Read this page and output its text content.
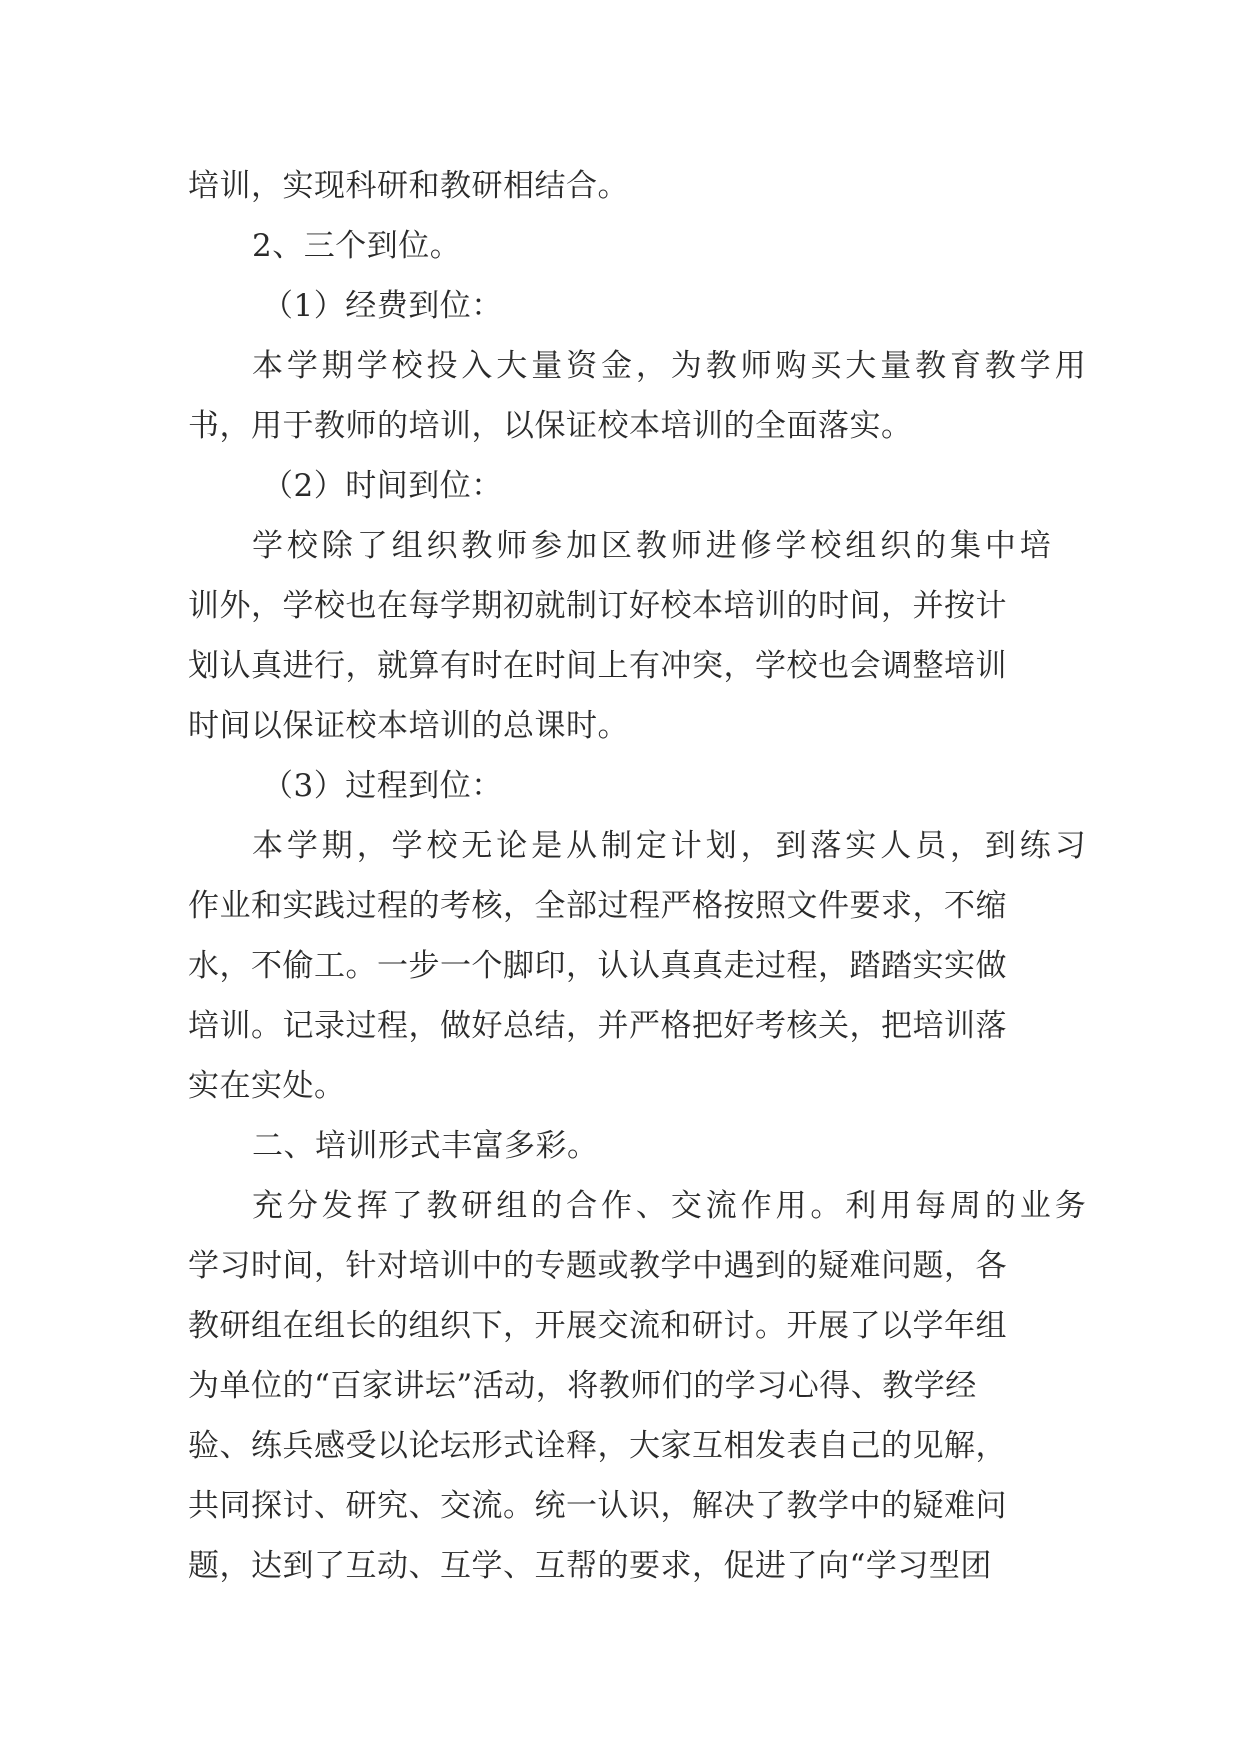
培训，实现科研和教研相结合。
2、三个到位。
（1）经费到位：
本学期学校投入大量资金，为教师购买大量教育教学用
书，用于教师的培训，以保证校本培训的全面落实。
（2）时间到位：
学校除了组织教师参加区教师进修学校组织的集中培
训外，学校也在每学期初就制订好校本培训的时间，并按计
划认真进行，就算有时在时间上有冲突，学校也会调整培训
时间以保证校本培训的总课时。
（3）过程到位：
本学期，学校无论是从制定计划，到落实人员，到练习
作业和实践过程的考核，全部过程严格按照文件要求，不缩
水，不偷工。一步一个脚印，认认真真走过程，踏踏实实做
培训。记录过程，做好总结，并严格把好考核关，把培训落
实在实处。
二、培训形式丰富多彩。
充分发挥了教研组的合作、交流作用。利用每周的业务
学习时间，针对培训中的专题或教学中遇到的疑难问题，各
教研组在组长的组织下，开展交流和研讨。开展了以学年组
为单位的“百家讲坛”活动，将教师们的学习心得、教学经
验、练兵感受以论坛形式诠释，大家互相发表自己的见解，
共同探讨、研究、交流。统一认识，解决了教学中的疑难问
题，达到了互动、互学、互帮的要求，促进了向“学习型团
